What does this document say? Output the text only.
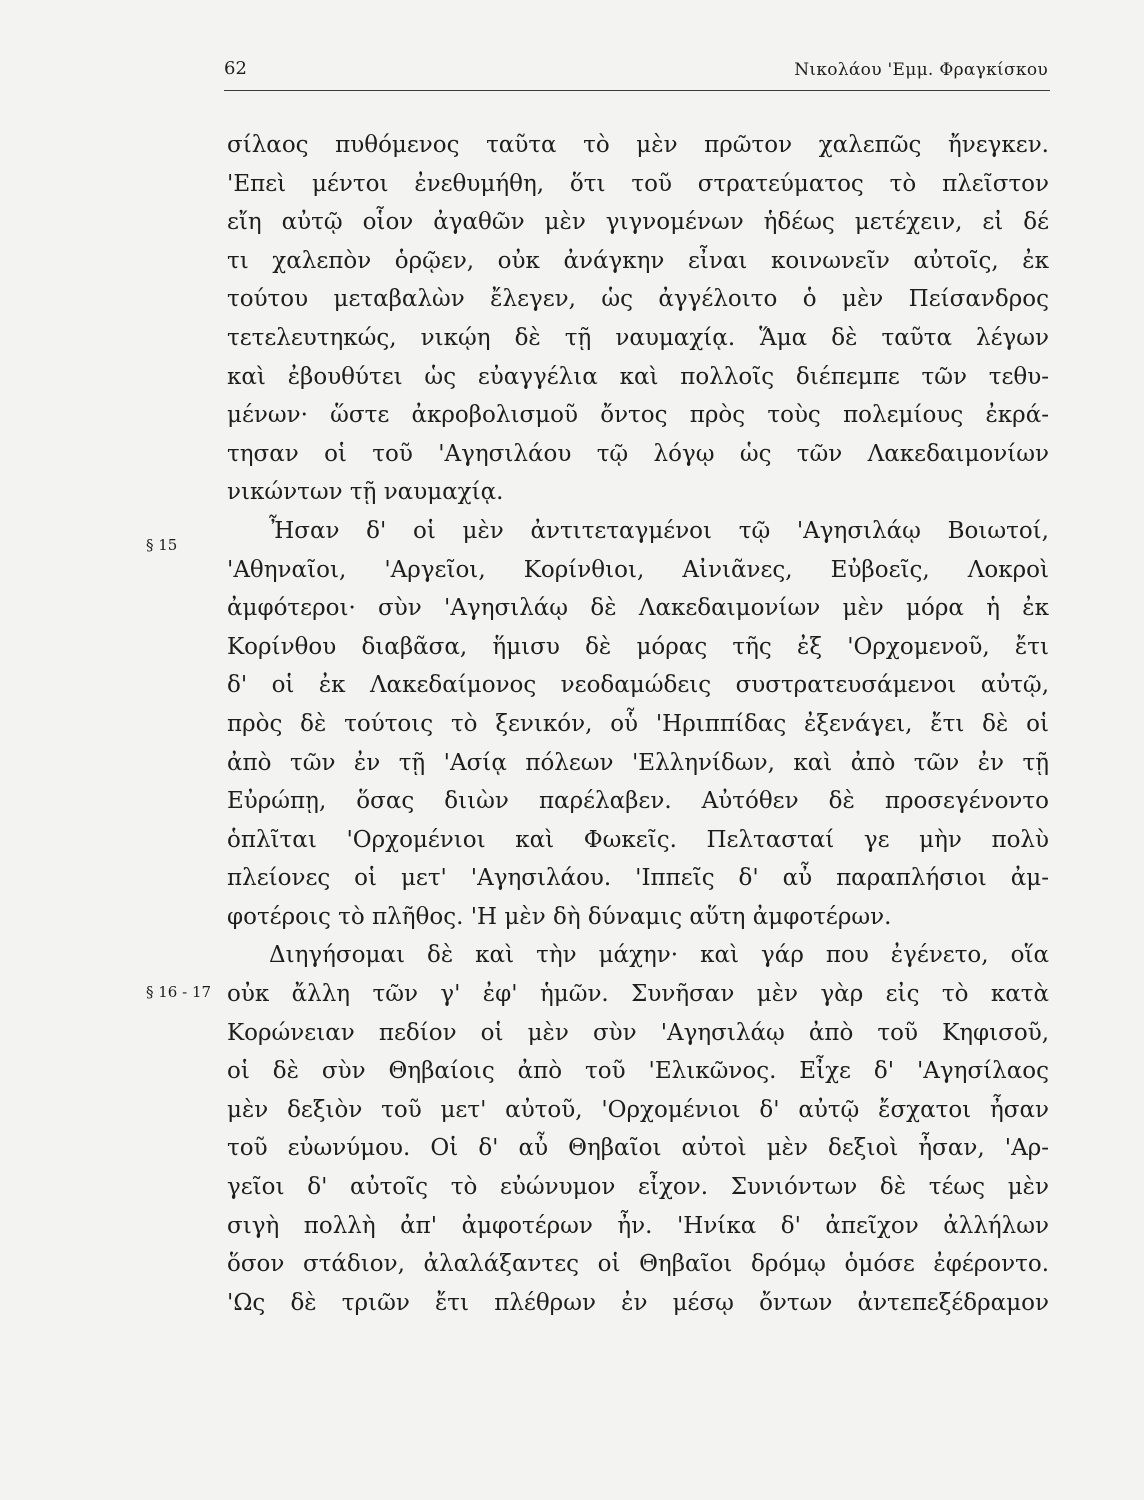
62	Νικολάου 'Εμμ. Φραγκίσκου
§ 15
§ 16 - 17
σίλαος πυθόμενος ταῦτα τὸ μὲν πρῶτον χαλεπῶς ἤνεγκεν.
'Επεὶ μέντοι ἐνεθυμήθη, ὅτι τοῦ στρατεύματος τὸ πλεῖστον
εἴη αὐτῷ οἷον ἀγαθῶν μὲν γιγνομένων ἡδέως μετέχειν, εἰ δέ
τι χαλεπὸν ὁρῷεν, οὐκ ἀνάγκην εἶναι κοινωνεῖν αὐτοῖς, ἐκ
τούτου μεταβαλὼν ἔλεγεν, ὡς ἀγγέλοιτο ὁ μὲν Πείσανδρος
τετελευτηκώς, νικῴη δὲ τῇ ναυμαχίᾳ. Ἅμα δὲ ταῦτα λέγων
καὶ ἐβουθύτει ὡς εὐαγγέλια καὶ πολλοῖς διέπεμπε τῶν τεθυ-
μένων· ὥστε ἀκροβολισμοῦ ὄντος πρὸς τοὺς πολεμίους ἐκρά-
τησαν οἱ τοῦ 'Αγησιλάου τῷ λόγῳ ὡς τῶν Λακεδαιμονίων
νικώντων τῇ ναυμαχίᾳ.
Ἦσαν δ' οἱ μὲν ἀντιτεταγμένοι τῷ 'Αγησιλάῳ Βοιωτοί,
'Αθηναῖοι, 'Αργεῖοι, Κορίνθιοι, Αἰνιᾶνες, Εὐβοεῖς, Λοκροὶ
ἀμφότεροι· σὺν 'Αγησιλάῳ δὲ Λακεδαιμονίων μὲν μόρα ἡ ἐκ
Κορίνθου διαβᾶσα, ἥμισυ δὲ μόρας τῆς ἐξ 'Ορχομενοῦ, ἔτι
δ' οἱ ἐκ Λακεδαίμονος νεοδαμώδεις συστρατευσάμενοι αὐτῷ,
πρὸς δὲ τούτοις τὸ ξενικόν, οὗ 'Ηριππίδας ἐξενάγει, ἔτι δὲ οἱ
ἀπὸ τῶν ἐν τῇ 'Ασίᾳ πόλεων 'Ελληνίδων, καὶ ἀπὸ τῶν ἐν τῇ
Εὐρώπῃ, ὅσας διιὼν παρέλαβεν. Αὐτόθεν δὲ προσεγένοντο
ὁπλῖται 'Ορχομένιοι καὶ Φωκεῖς. Πελτασταί γε μὴν πολὺ
πλείονες οἱ μετ' 'Αγησιλάου. 'Ιππεῖς δ' αὖ παραπλήσιοι ἀμ-
φοτέροις τὸ πλῆθος. 'Η μὲν δὴ δύναμις αὕτη ἀμφοτέρων.
Διηγήσομαι δὲ καὶ τὴν μάχην· καὶ γάρ που ἐγένετο, οἵα
οὐκ ἄλλη τῶν γ' ἐφ' ἡμῶν. Συνῆσαν μὲν γὰρ εἰς τὸ κατὰ
Κορώνειαν πεδίον οἱ μὲν σὺν 'Αγησιλάῳ ἀπὸ τοῦ Κηφισοῦ,
οἱ δὲ σὺν Θηβαίοις ἀπὸ τοῦ 'Ελικῶνος. Εἶχε δ' 'Αγησίλαος
μὲν δεξιὸν τοῦ μετ' αὐτοῦ, 'Ορχομένιοι δ' αὐτῷ ἔσχατοι ἦσαν
τοῦ εὐωνύμου. Οἱ δ' αὖ Θηβαῖοι αὐτοὶ μὲν δεξιοὶ ἦσαν, 'Αρ-
γεῖοι δ' αὐτοῖς τὸ εὐώνυμον εἶχον. Συνιόντων δὲ τέως μὲν
σιγὴ πολλὴ ἀπ' ἀμφοτέρων ἦν. 'Ηνίκα δ' ἀπεῖχον ἀλλήλων
ὅσον στάδιον, ἀλαλάξαντες οἱ Θηβαῖοι δρόμῳ ὁμόσε ἐφέροντο.
'Ως δὲ τριῶν ἔτι πλέθρων ἐν μέσῳ ὄντων ἀντεπεξέδραμον
